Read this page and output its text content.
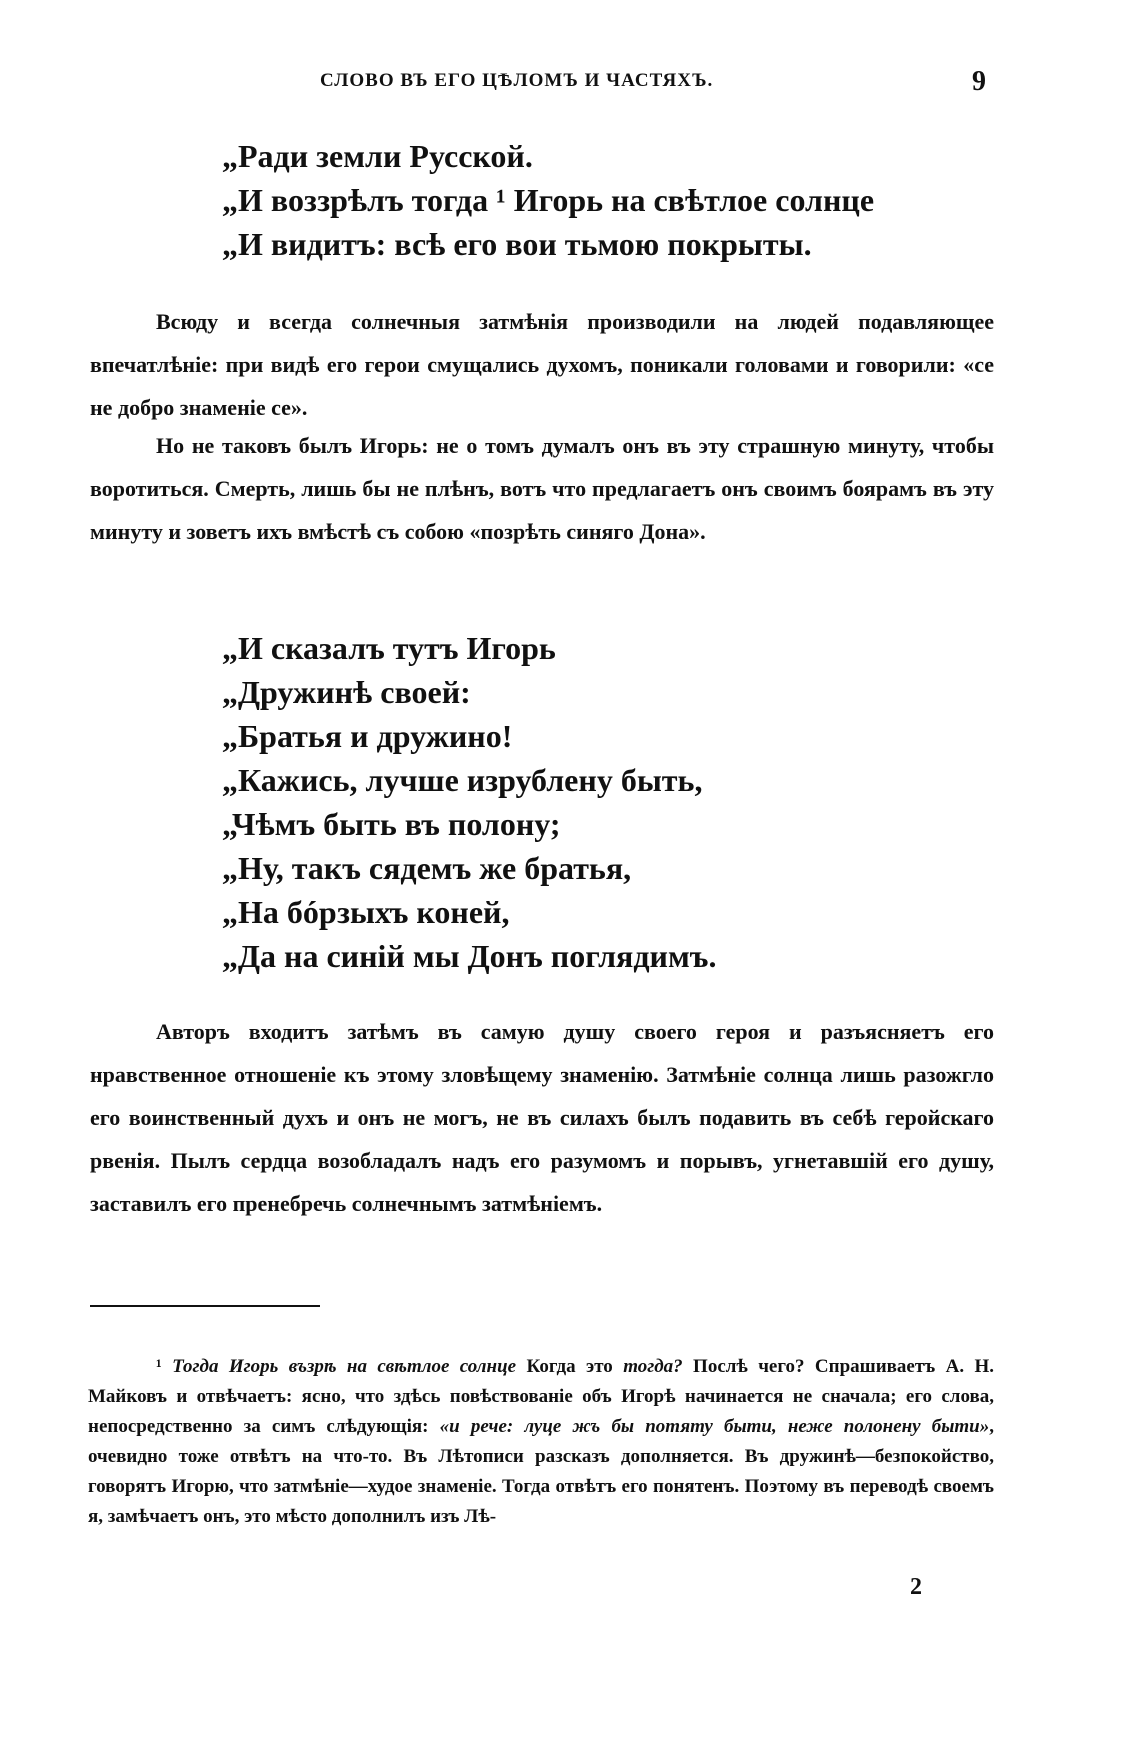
СЛОВО ВЪ ЕГО ЦѢЛОМЪ И ЧАСТЯХЪ.	9
„Ради земли Русской.
„И воззрѣлъ тогда ¹ Игорь на свѣтлое солнце
„И видитъ: всѣ его вои тьмою покрыты.

Всюду и всегда солнечныя затмѣнія производили на людей подавляющее впечатлѣніе: при видѣ его герои смущались духомъ, поникали головами и говорили: «се не добро знаменіе се».

Но не таковъ былъ Игорь: не о томъ думалъ онъ въ эту страшную минуту, чтобы воротиться. Смерть, лишь бы не плѣнъ, вотъ что предлагаетъ онъ своимъ боярамъ въ эту минуту и зоветъ ихъ вмѣстѣ съ собою «позрѣть синяго Дона».

„И сказалъ тутъ Игорь
„Дружинѣ своей:
„Братья и дружино!
„Кажись, лучше изрублену быть,
„Чѣмъ быть въ полону;
„Ну, такъ сядемъ же братья,
„На бóрзыхъ коней,
„Да на синій мы Донъ поглядимъ.

Авторъ входитъ затѣмъ въ самую душу своего героя и разъясняетъ его нравственное отношеніе къ этому зловѣщему знаменію. Затмѣніе солнца лишь разожгло его воинственный духъ и онъ не могъ, не въ силахъ былъ подавить въ себѣ геройскаго рвенія. Пылъ сердца возобладалъ надъ его разумомъ и порывъ, угнетавшій его душу, заставилъ его пренебречь солнечнымъ затмѣніемъ.

¹ Тогда Игорь възрѣ на свѣтлое солнце Когда это тогда? Послѣ чего? Спрашиваетъ А. Н. Майковъ и отвѣчаетъ: ясно, что здѣсь повѣствованіе объ Игорѣ начинается не сначала; его слова, непосредственно за симъ слѣдующія: «и рече: луце жъ бы потяту быти, неже полонену быти», очевидно тоже отвѣтъ на что-то. Въ Лѣтописи разсказъ дополняется. Въ дружинѣ—безпокойство, говорятъ Игорю, что затмѣніе—худое знаменіе. Тогда отвѣтъ его понятенъ. Поэтому въ переводѣ своемъ я, замѣчаетъ онъ, это мѣсто дополнилъ изъ Лѣ-

2
